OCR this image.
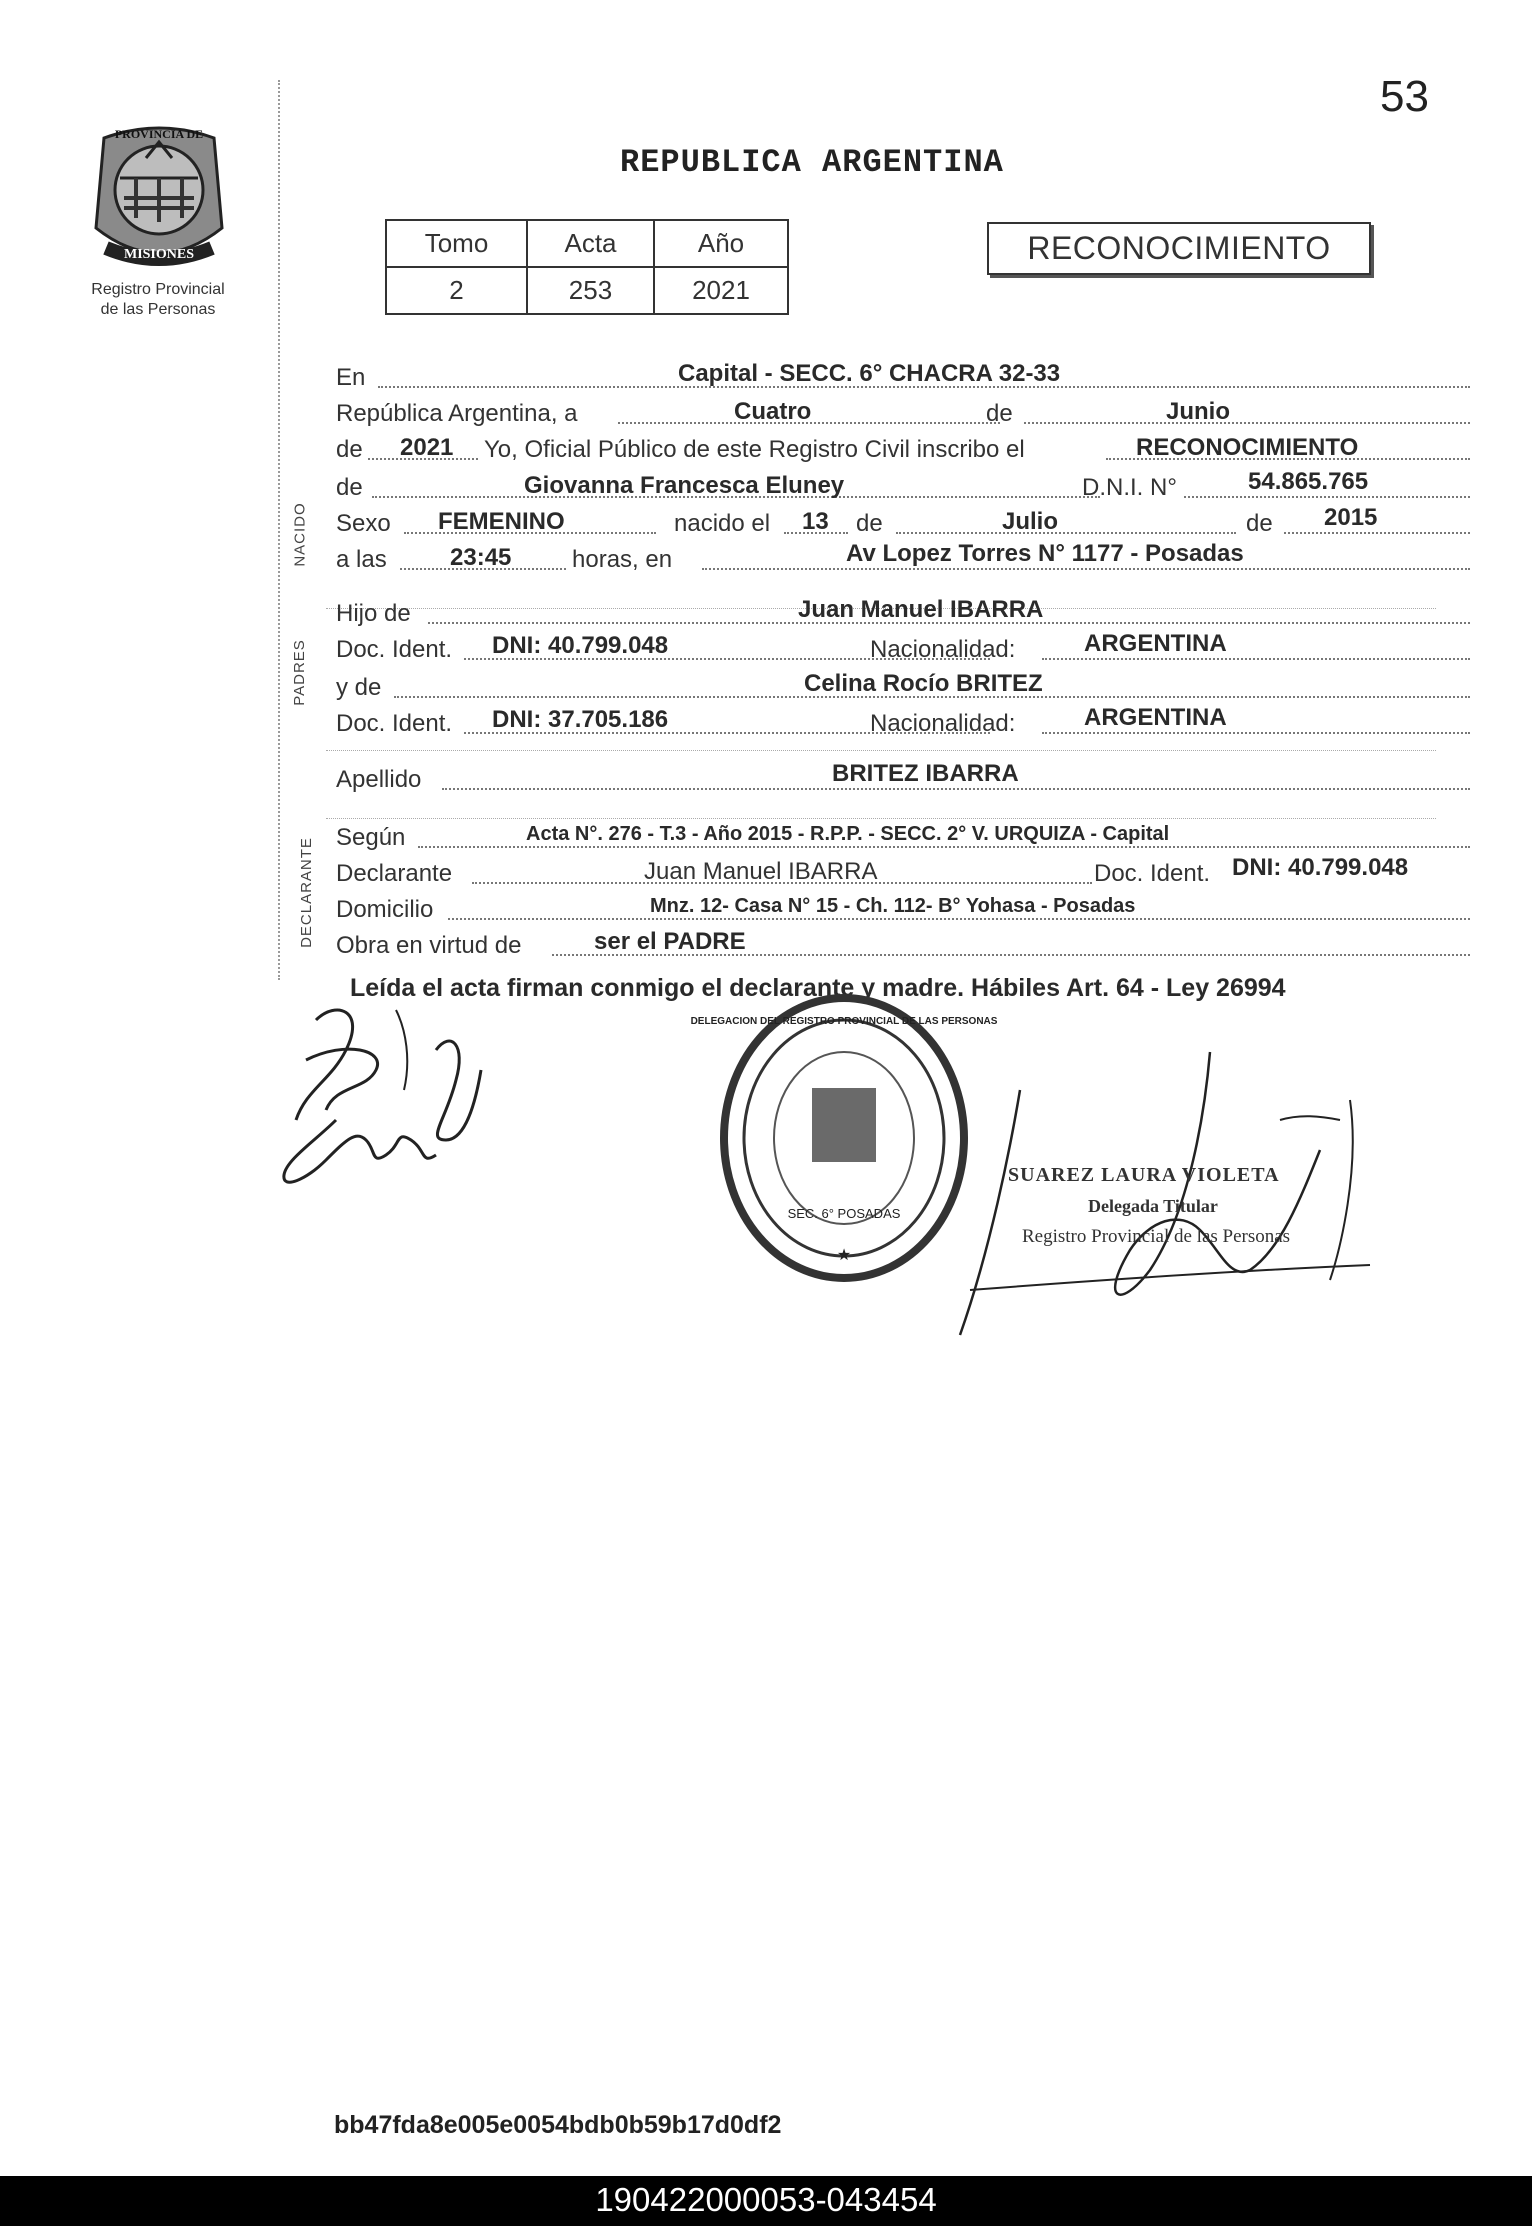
53
PROVINCIA DE
MISIONES
Registro Provincial
de las Personas
REPUBLICA ARGENTINA
Tomo	Acta	Año
2	253	2021
RECONOCIMIENTO
NACIDO
PADRES
DECLARANTE
En	Capital - SECC. 6° CHACRA 32-33
República Argentina, a	Cuatro	de	Junio
de 2021 Yo, Oficial Público de este Registro Civil inscribo el	RECONOCIMIENTO
de	Giovanna Francesca Eluney	D.N.I. N°	54.865.765
Sexo FEMENINO	nacido el 13 de	Julio	de 2015
a las	23:45	horas, en	Av Lopez Torres N° 1177 - Posadas
Hijo de	Juan Manuel IBARRA
Doc. Ident. DNI: 40.799.048	Nacionalidad:	ARGENTINA
y de	Celina Rocío BRITEZ
Doc. Ident. DNI: 37.705.186	Nacionalidad:	ARGENTINA
Apellido	BRITEZ IBARRA
Según	Acta N°. 276 - T.3 - Año 2015 - R.P.P. - SECC. 2° V. URQUIZA - Capital
Declarante	Juan Manuel IBARRA	Doc. Ident. DNI: 40.799.048
Domicilio	Mnz. 12- Casa N° 15 - Ch. 112- B° Yohasa - Posadas
Obra en virtud de	ser el PADRE
Leída el acta firman conmigo el declarante y madre. Hábiles Art. 64 - Ley 26994
DELEGACION DEL REGISTRO PROVINCIAL DE LAS PERSONAS
SEC. 6° POSADAS
★
SUAREZ LAURA VIOLETA
Delegada Titular
Registro Provincial de las Personas
bb47fda8e005e0054bdb0b59b17d0df2
190422000053-043454
